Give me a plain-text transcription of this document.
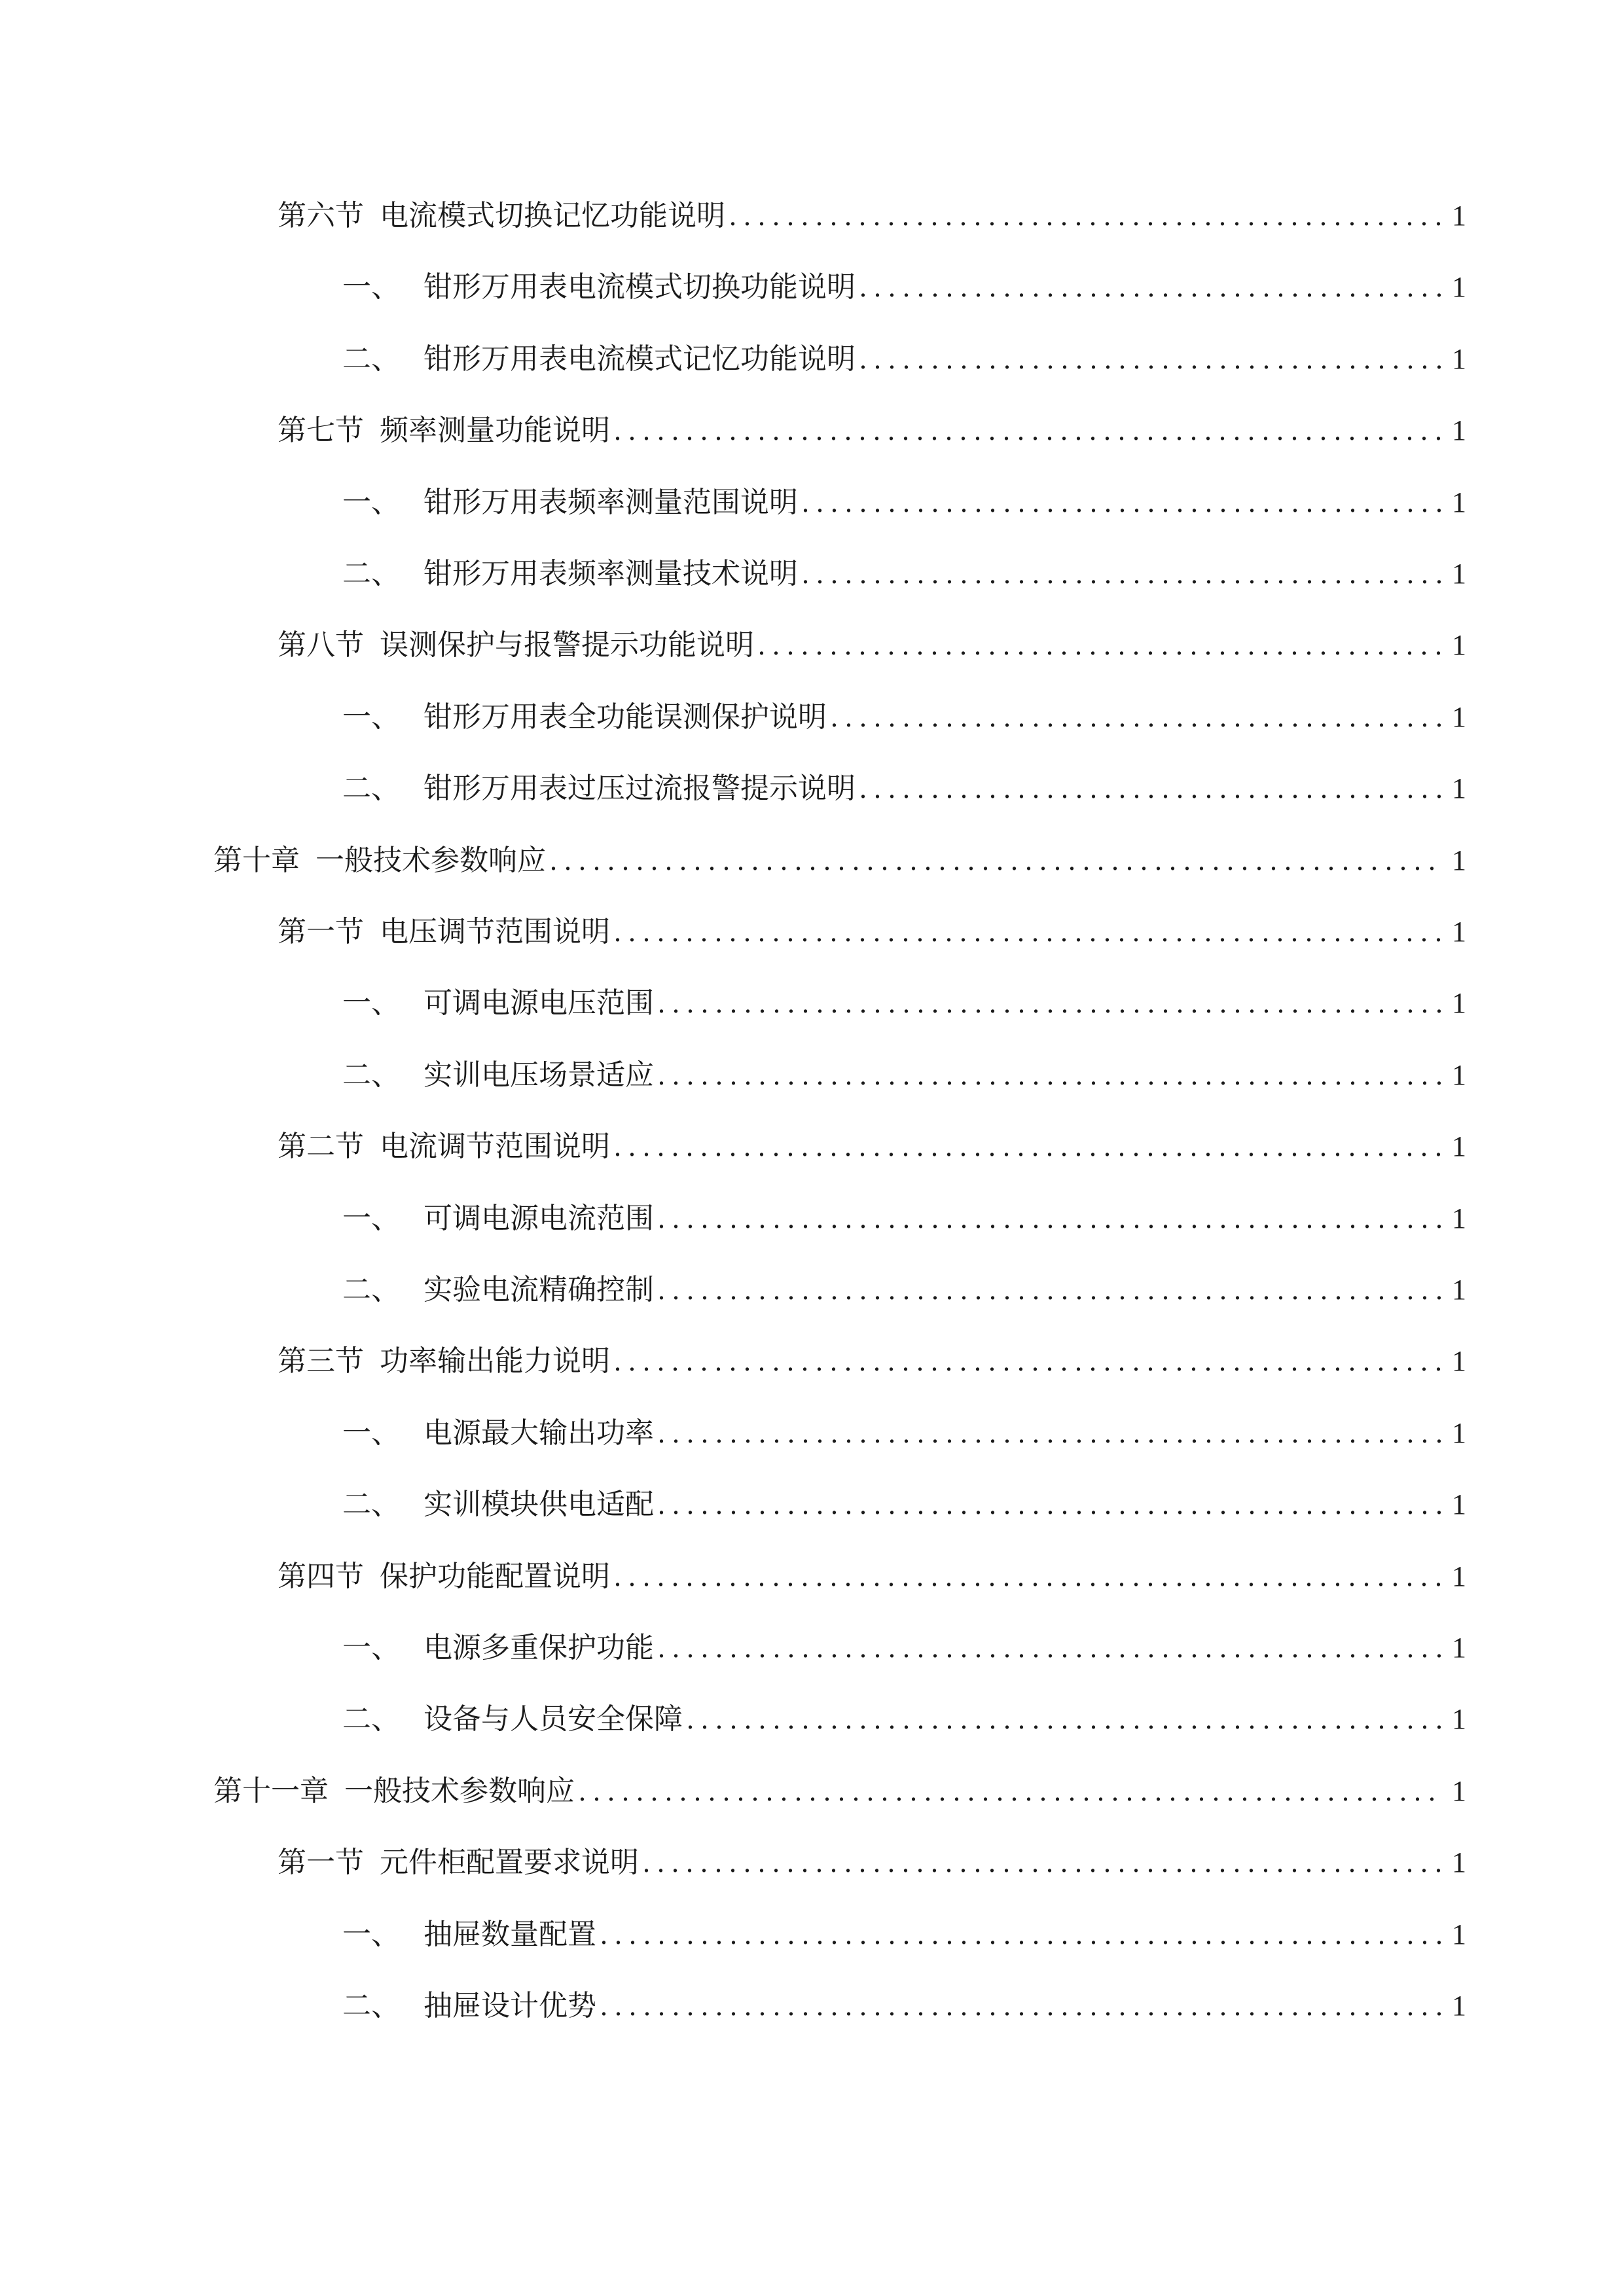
第六节 电流模式切换记忆功能说明 . . .	1
一、 钳形万用表电流模式切换功能说明 . . .	1
二、 钳形万用表电流模式记忆功能说明 . . .	1
第七节 频率测量功能说明 . . .	1
一、 钳形万用表频率测量范围说明 . . .	1
二、 钳形万用表频率测量技术说明 . . .	1
第八节 误测保护与报警提示功能说明 . . .	1
一、 钳形万用表全功能误测保护说明 . . .	1
二、 钳形万用表过压过流报警提示说明 . . .	1
第十章 一般技术参数响应 . . .	1
第一节 电压调节范围说明 . . .	1
一、 可调电源电压范围 . . .	1
二、 实训电压场景适应 . . .	1
第二节 电流调节范围说明 . . .	1
一、 可调电源电流范围 . . .	1
二、 实验电流精确控制 . . .	1
第三节 功率输出能力说明 . . .	1
一、 电源最大输出功率 . . .	1
二、 实训模块供电适配 . . .	1
第四节 保护功能配置说明 . . .	1
一、 电源多重保护功能 . . .	1
二、 设备与人员安全保障 . . .	1
第十一章 一般技术参数响应 . . .	1
第一节 元件柜配置要求说明 . . .	1
一、 抽屉数量配置 . . .	1
二、 抽屉设计优势 . . .	1
